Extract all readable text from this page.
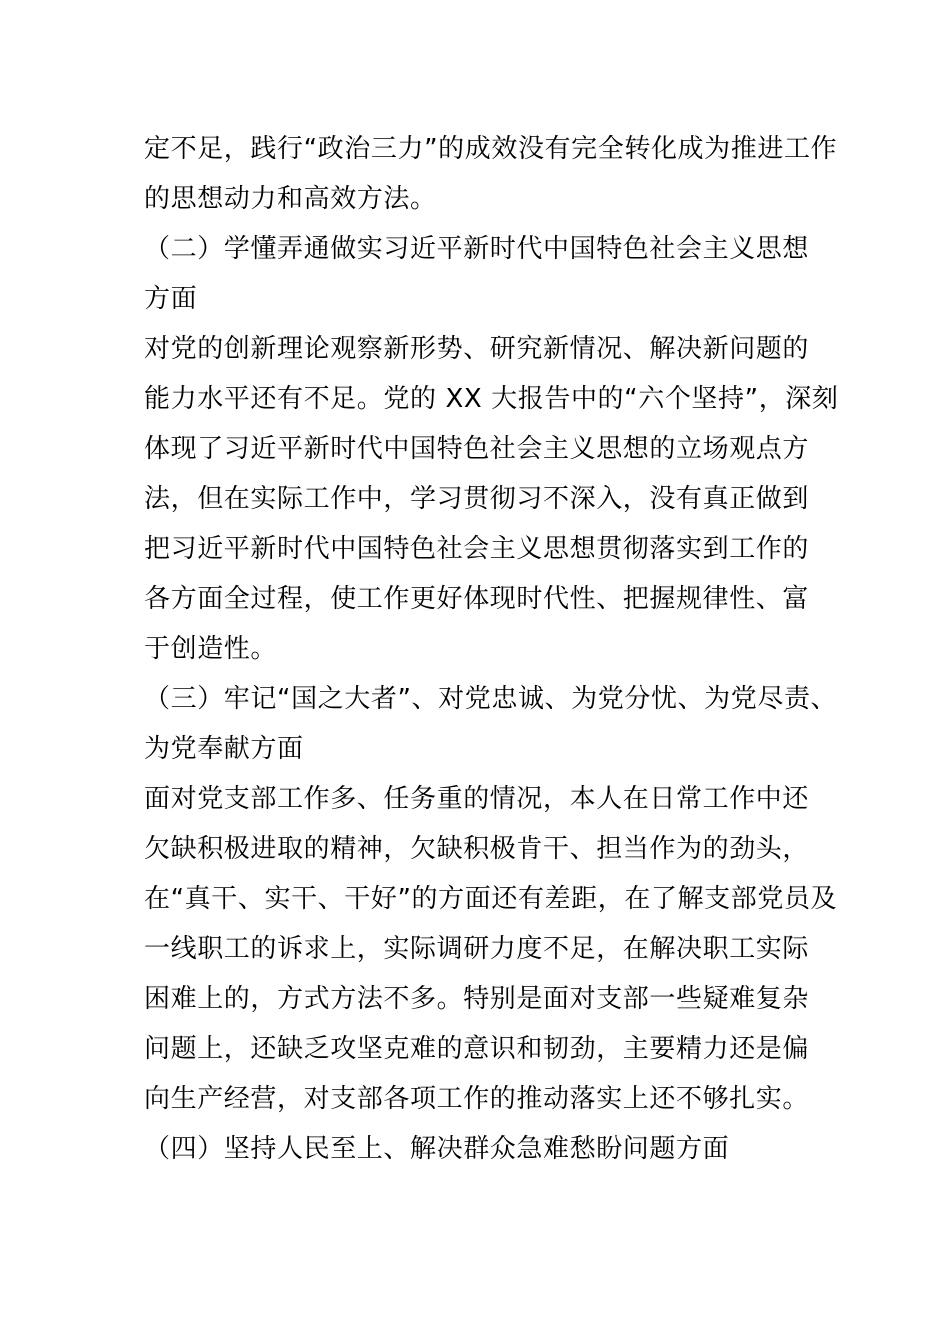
定不足，践行“政治三力”的成效没有完全转化成为推进工作
的思想动力和高效方法。
（二）学懂弄通做实习近平新时代中国特色社会主义思想
方面
对党的创新理论观察新形势、研究新情况、解决新问题的
能力水平还有不足。党的 XX 大报告中的“六个坚持”，深刻
体现了习近平新时代中国特色社会主义思想的立场观点方
法，但在实际工作中，学习贯彻习不深入，没有真正做到
把习近平新时代中国特色社会主义思想贯彻落实到工作的
各方面全过程，使工作更好体现时代性、把握规律性、富
于创造性。
（三）牢记“国之大者”、对党忠诚、为党分忧、为党尽责、
为党奉献方面
面对党支部工作多、任务重的情况，本人在日常工作中还
欠缺积极进取的精神，欠缺积极肯干、担当作为的劲头，
在“真干、实干、干好”的方面还有差距，在了解支部党员及
一线职工的诉求上，实际调研力度不足，在解决职工实际
困难上的，方式方法不多。特别是面对支部一些疑难复杂
问题上，还缺乏攻坚克难的意识和韧劲，主要精力还是偏
向生产经营，对支部各项工作的推动落实上还不够扎实。
（四）坚持人民至上、解决群众急难愁盼问题方面
